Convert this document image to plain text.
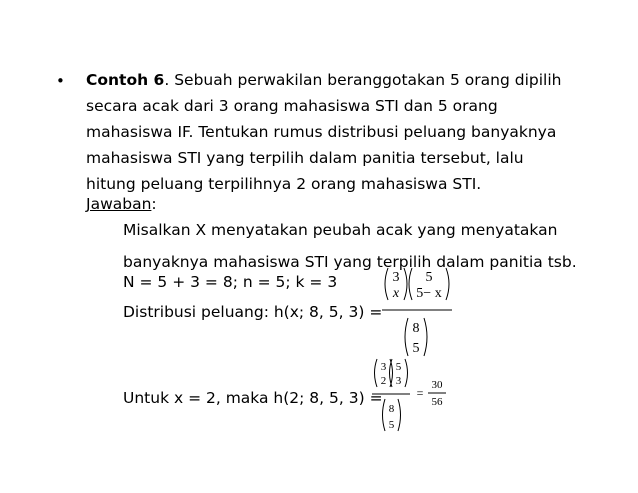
• Contoh 6. Sebuah perwakilan beranggotakan 5 orang dipilih
secara acak dari 3 orang mahasiswa STI dan 5 orang
mahasiswa IF. Tentukan rumus distribusi peluang banyaknya
mahasiswa STI yang terpilih dalam panitia tersebut, lalu
hitung peluang terpilihnya 2 orang mahasiswa STI.
Jawaban:
Misalkan X menyatakan peubah acak yang menyatakan
banyaknya mahasiswa STI yang terpilih dalam panitia tsb.
N = 5 + 3 = 8; n = 5; k = 3
Distribusi peluang: h(x; 8, 5, 3) =
Untuk x = 2, maka h(2; 8, 5, 3) =
3
x
5
5− x
8
5
3
2
5
3
8
5
=
30
56
